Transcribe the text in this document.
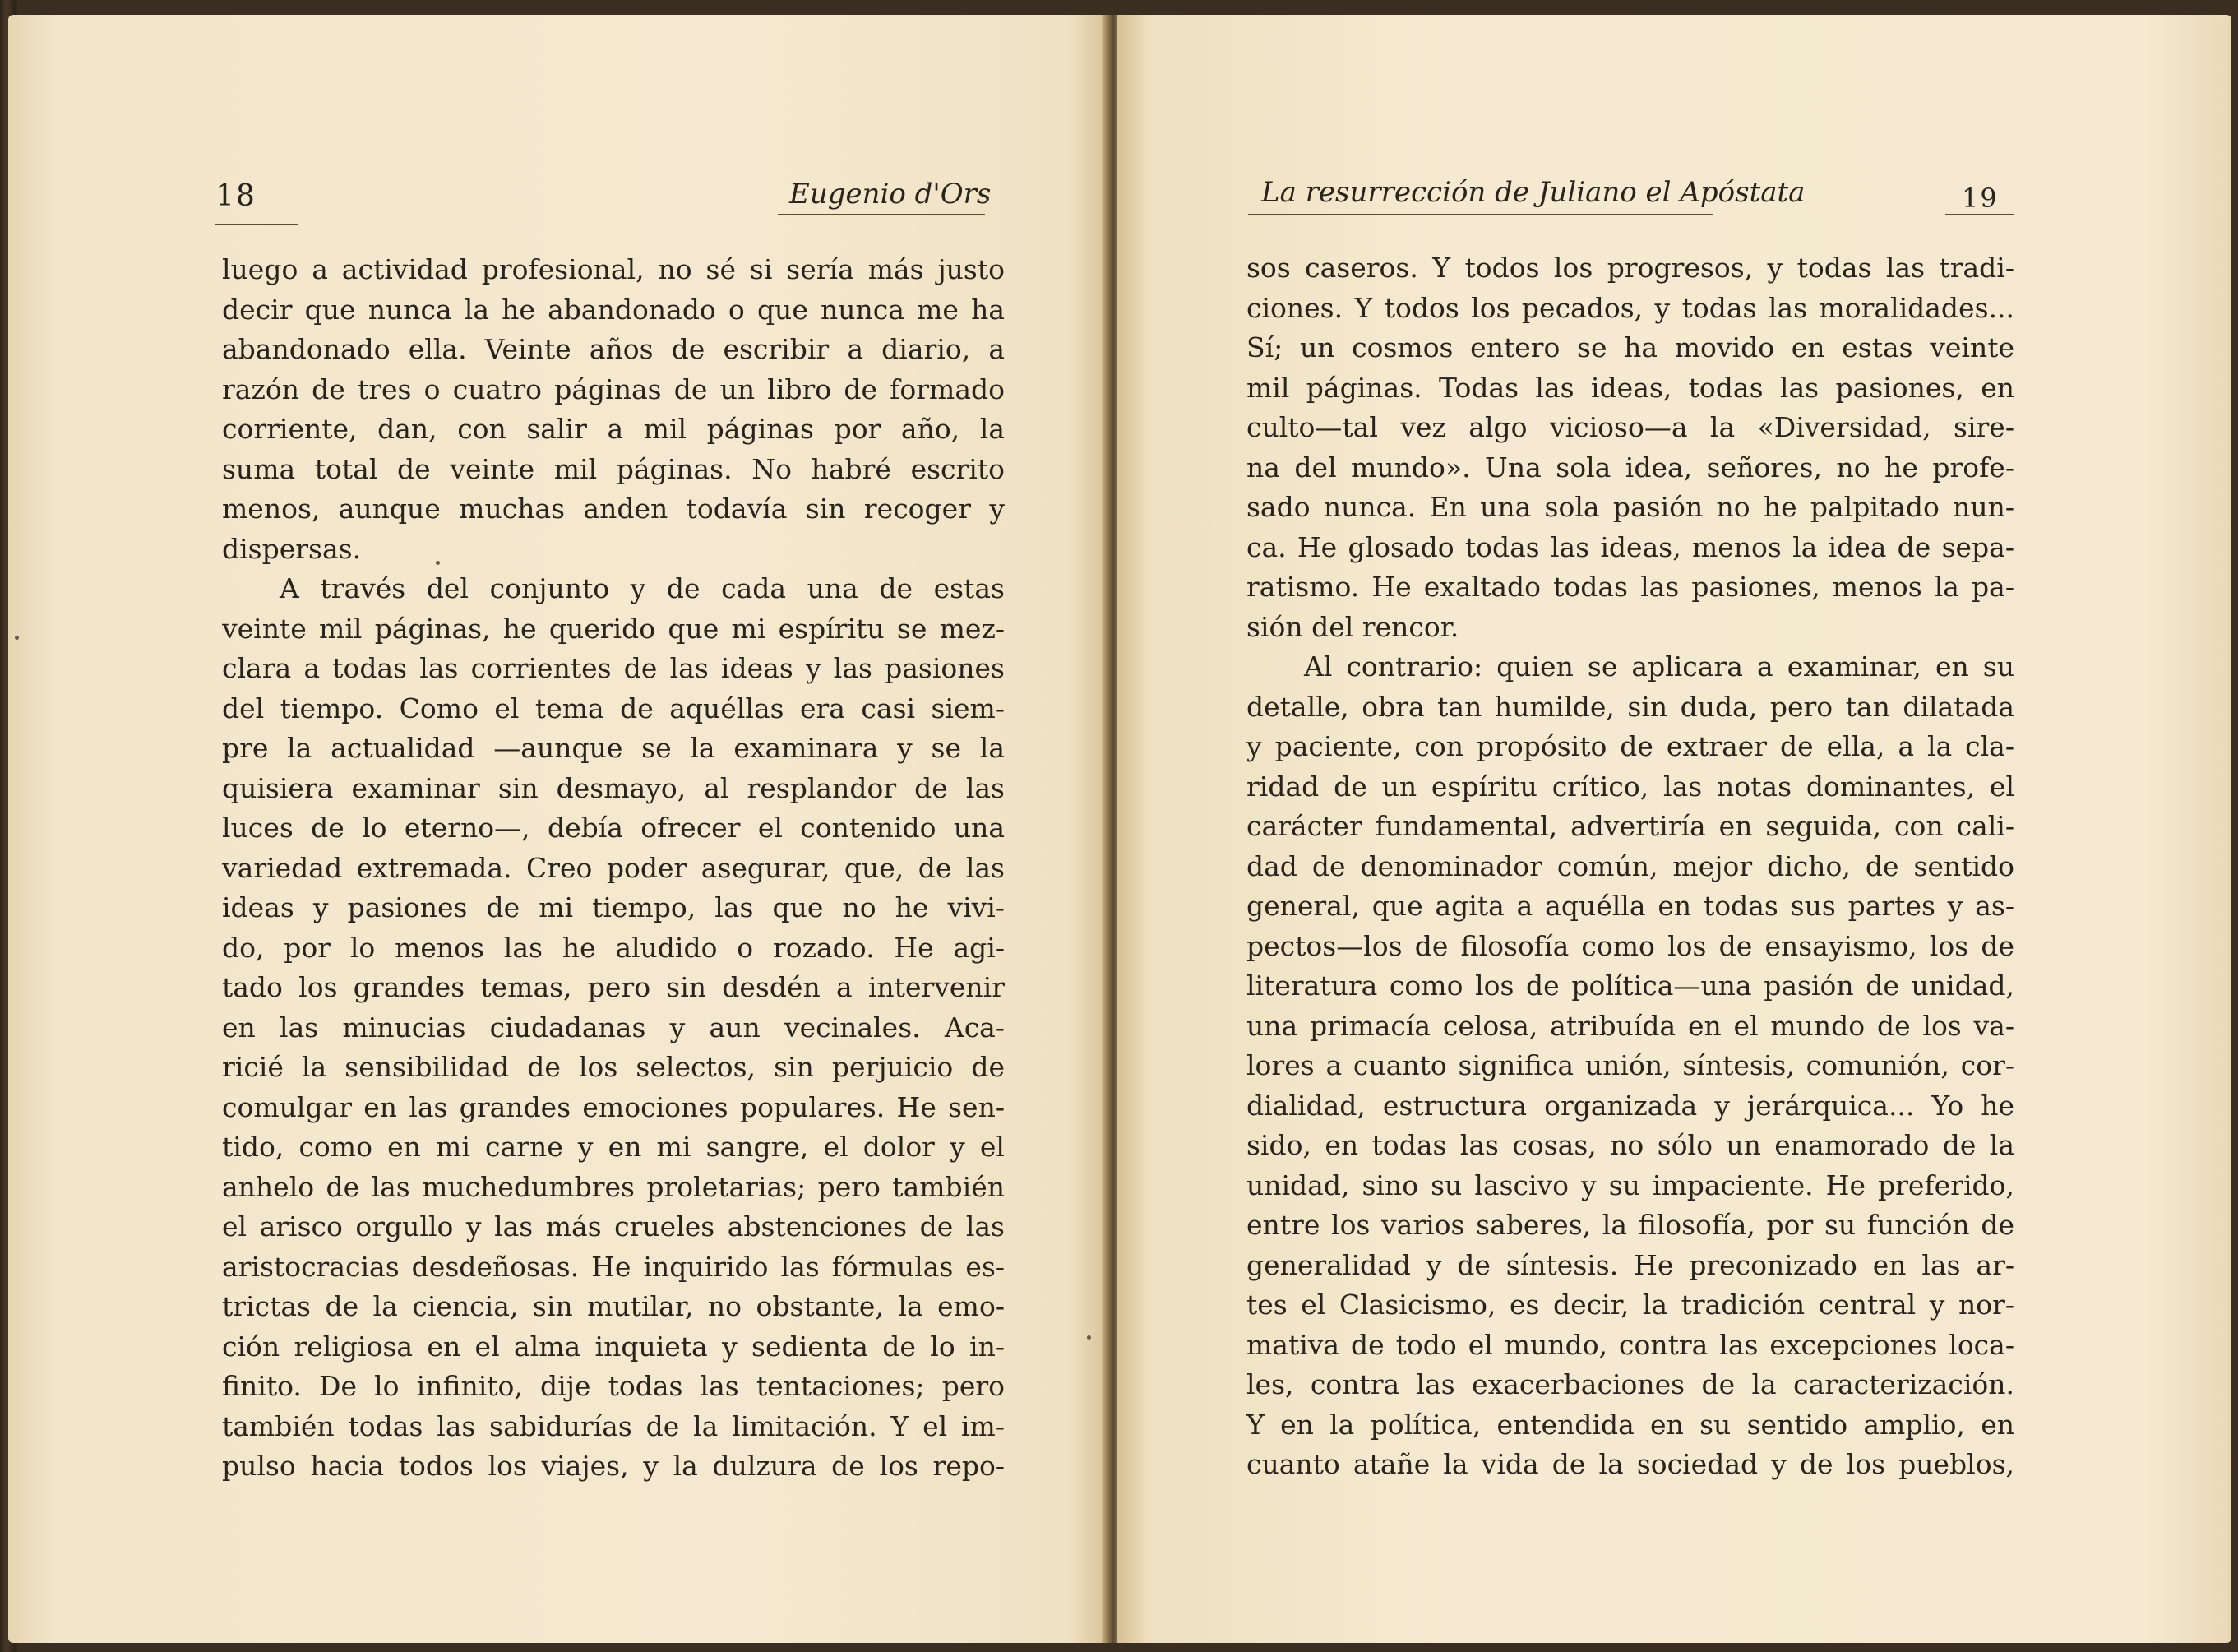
18	Eugenio d'Ors
luego a actividad profesional, no sé si sería más justo
decir que nunca la he abandonado o que nunca me ha
abandonado ella. Veinte años de escribir a diario, a
razón de tres o cuatro páginas de un libro de formado
corriente, dan, con salir a mil páginas por año, la
suma total de veinte mil páginas. No habré escrito
menos, aunque muchas anden todavía sin recoger y
dispersas.
A través del conjunto y de cada una de estas
veinte mil páginas, he querido que mi espíritu se mez-
clara a todas las corrientes de las ideas y las pasiones
del tiempo. Como el tema de aquéllas era casi siem-
pre la actualidad —aunque se la examinara y se la
quisiera examinar sin desmayo, al resplandor de las
luces de lo eterno—, debía ofrecer el contenido una
variedad extremada. Creo poder asegurar, que, de las
ideas y pasiones de mi tiempo, las que no he vivi-
do, por lo menos las he aludido o rozado. He agi-
tado los grandes temas, pero sin desdén a intervenir
en las minucias ciudadanas y aun vecinales. Aca-
ricié la sensibilidad de los selectos, sin perjuicio de
comulgar en las grandes emociones populares. He sen-
tido, como en mi carne y en mi sangre, el dolor y el
anhelo de las muchedumbres proletarias; pero también
el arisco orgullo y las más crueles abstenciones de las
aristocracias desdeñosas. He inquirido las fórmulas es-
trictas de la ciencia, sin mutilar, no obstante, la emo-
ción religiosa en el alma inquieta y sedienta de lo in-
finito. De lo infinito, dije todas las tentaciones; pero
también todas las sabidurías de la limitación. Y el im-
pulso hacia todos los viajes, y la dulzura de los repo-
La resurrección de Juliano el Apóstata	19
sos caseros. Y todos los progresos, y todas las tradi-
ciones. Y todos los pecados, y todas las moralidades...
Sí; un cosmos entero se ha movido en estas veinte
mil páginas. Todas las ideas, todas las pasiones, en
culto—tal vez algo vicioso—a la «Diversidad, sire-
na del mundo». Una sola idea, señores, no he profe-
sado nunca. En una sola pasión no he palpitado nun-
ca. He glosado todas las ideas, menos la idea de sepa-
ratismo. He exaltado todas las pasiones, menos la pa-
sión del rencor.
Al contrario: quien se aplicara a examinar, en su
detalle, obra tan humilde, sin duda, pero tan dilatada
y paciente, con propósito de extraer de ella, a la cla-
ridad de un espíritu crítico, las notas dominantes, el
carácter fundamental, advertiría en seguida, con cali-
dad de denominador común, mejor dicho, de sentido
general, que agita a aquélla en todas sus partes y as-
pectos—los de filosofía como los de ensayismo, los de
literatura como los de política—una pasión de unidad,
una primacía celosa, atribuída en el mundo de los va-
lores a cuanto significa unión, síntesis, comunión, cor-
dialidad, estructura organizada y jerárquica... Yo he
sido, en todas las cosas, no sólo un enamorado de la
unidad, sino su lascivo y su impaciente. He preferido,
entre los varios saberes, la filosofía, por su función de
generalidad y de síntesis. He preconizado en las ar-
tes el Clasicismo, es decir, la tradición central y nor-
mativa de todo el mundo, contra las excepciones loca-
les, contra las exacerbaciones de la caracterización.
Y en la política, entendida en su sentido amplio, en
cuanto atañe la vida de la sociedad y de los pueblos,
